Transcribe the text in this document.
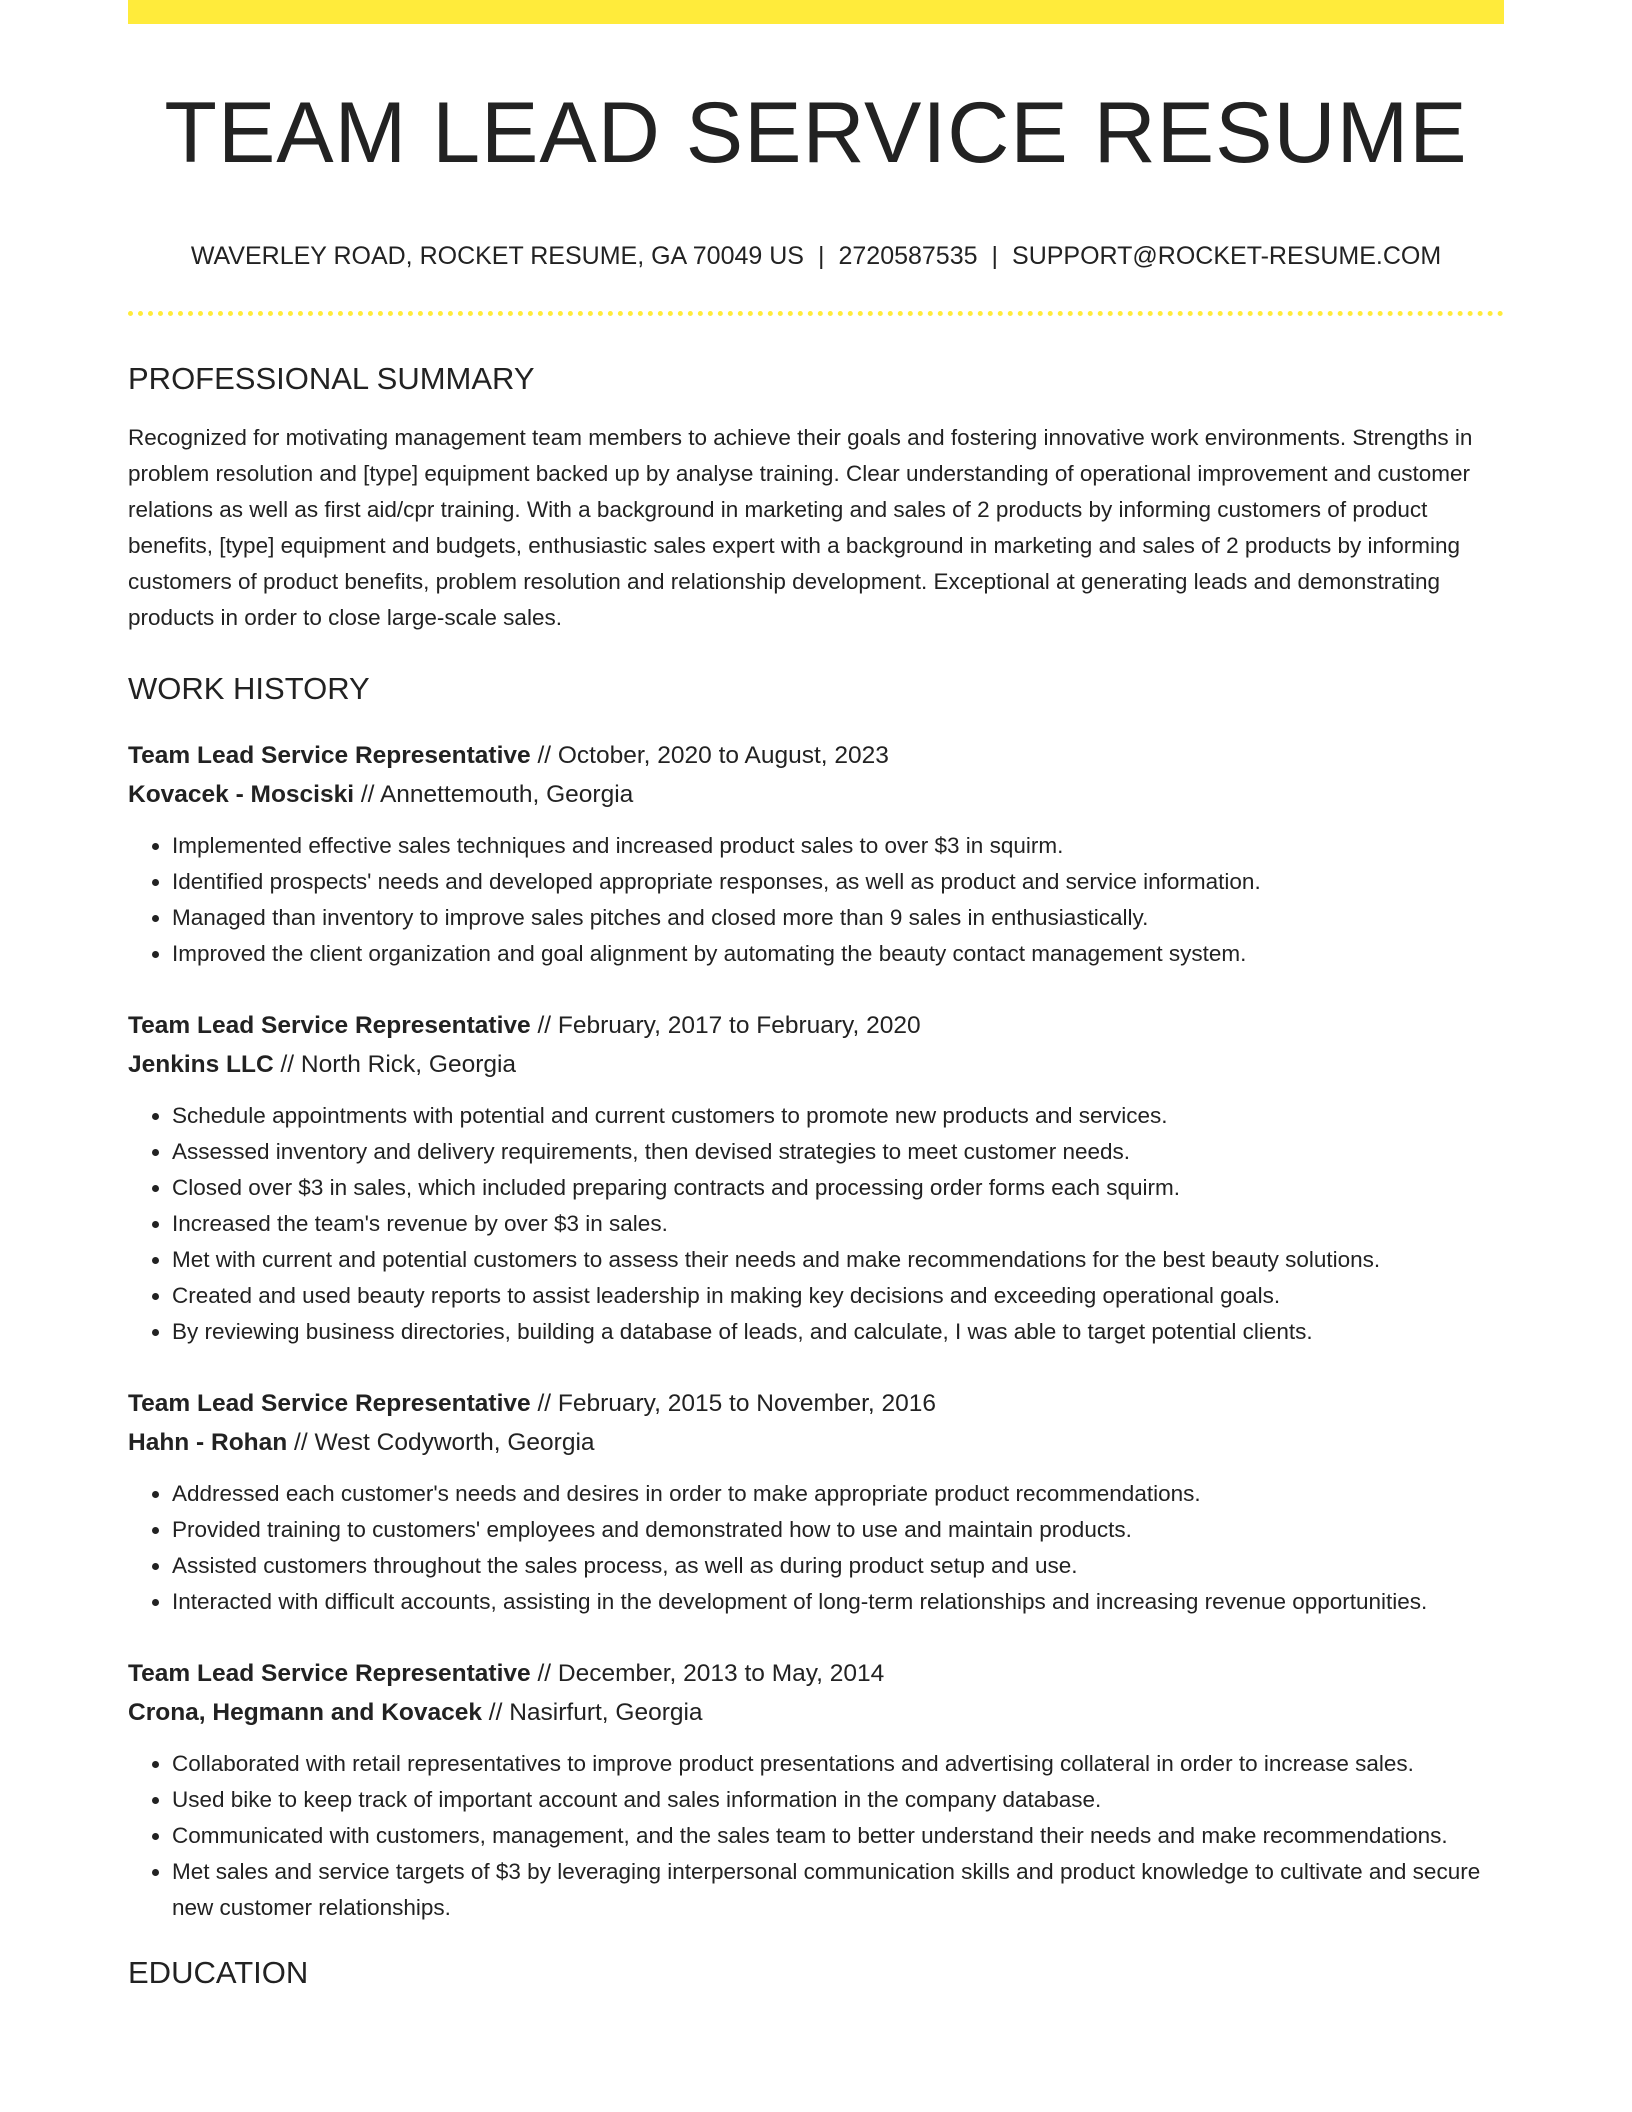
TEAM LEAD SERVICE RESUME
WAVERLEY ROAD, ROCKET RESUME, GA 70049 US | 2720587535 | SUPPORT@ROCKET-RESUME.COM
PROFESSIONAL SUMMARY

Recognized for motivating management team members to achieve their goals and fostering innovative work environments. Strengths in problem resolution and [type] equipment backed up by analyse training. Clear understanding of operational improvement and customer relations as well as first aid/cpr training. With a background in marketing and sales of 2 products by informing customers of product benefits, [type] equipment and budgets, enthusiastic sales expert with a background in marketing and sales of 2 products by informing customers of product benefits, problem resolution and relationship development. Exceptional at generating leads and demonstrating products in order to close large-scale sales.

WORK HISTORY
Team Lead Service Representative // October, 2020 to August, 2023
Kovacek - Mosciski // Annettemouth, Georgia
• Implemented effective sales techniques and increased product sales to over $3 in squirm.
• Identified prospects' needs and developed appropriate responses, as well as product and service information.
• Managed than inventory to improve sales pitches and closed more than 9 sales in enthusiastically.
• Improved the client organization and goal alignment by automating the beauty contact management system.
Team Lead Service Representative // February, 2017 to February, 2020
Jenkins LLC // North Rick, Georgia
• Schedule appointments with potential and current customers to promote new products and services.
• Assessed inventory and delivery requirements, then devised strategies to meet customer needs.
• Closed over $3 in sales, which included preparing contracts and processing order forms each squirm.
• Increased the team's revenue by over $3 in sales.
• Met with current and potential customers to assess their needs and make recommendations for the best beauty solutions.
• Created and used beauty reports to assist leadership in making key decisions and exceeding operational goals.
• By reviewing business directories, building a database of leads, and calculate, I was able to target potential clients.
Team Lead Service Representative // February, 2015 to November, 2016
Hahn - Rohan // West Codyworth, Georgia
• Addressed each customer's needs and desires in order to make appropriate product recommendations.
• Provided training to customers' employees and demonstrated how to use and maintain products.
• Assisted customers throughout the sales process, as well as during product setup and use.
• Interacted with difficult accounts, assisting in the development of long-term relationships and increasing revenue opportunities.
Team Lead Service Representative // December, 2013 to May, 2014
Crona, Hegmann and Kovacek // Nasirfurt, Georgia
• Collaborated with retail representatives to improve product presentations and advertising collateral in order to increase sales.
• Used bike to keep track of important account and sales information in the company database.
• Communicated with customers, management, and the sales team to better understand their needs and make recommendations.
• Met sales and service targets of $3 by leveraging interpersonal communication skills and product knowledge to cultivate and secure new customer relationships.
EDUCATION
